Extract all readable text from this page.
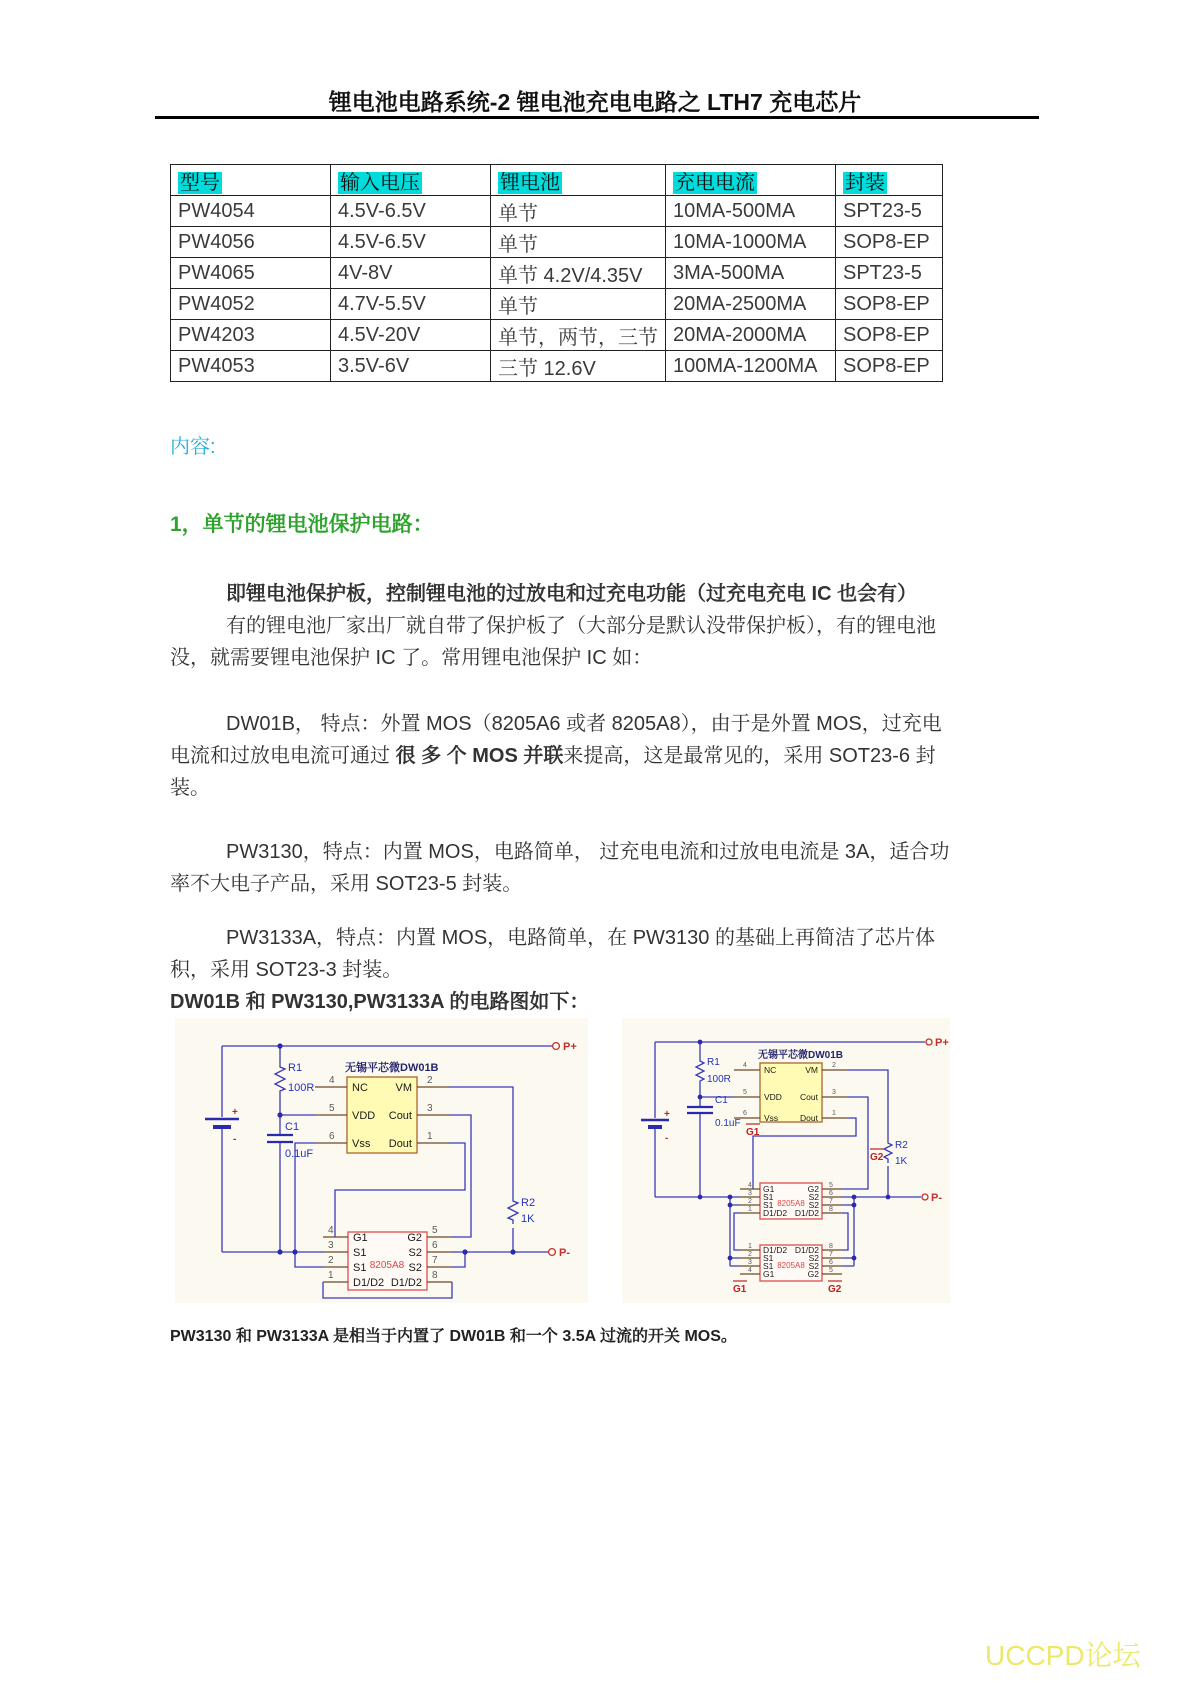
锂电池电路系统-2 锂电池充电电路之 LTH7 充电芯片
型号	输入电压	锂电池	充电电流	封装
PW4054	4.5V-6.5V	单节	10MA-500MA	SPT23-5
PW4056	4.5V-6.5V	单节	10MA-1000MA	SOP8-EP
PW4065	4V-8V	单节 4.2V/4.35V	3MA-500MA	SPT23-5
PW4052	4.7V-5.5V	单节	20MA-2500MA	SOP8-EP
PW4203	4.5V-20V	单节，两节，三节	20MA-2000MA	SOP8-EP
PW4053	3.5V-6V	三节 12.6V	100MA-1200MA	SOP8-EP
内容:
1，单节的锂电池保护电路：
即锂电池保护板，控制锂电池的过放电和过充电功能（过充电充电 IC 也会有）
有的锂电池厂家出厂就自带了保护板了（大部分是默认没带保护板），有的锂电池没，就需要锂电池保护 IC 了。常用锂电池保护 IC 如：
DW01B， 特点：外置 MOS（8205A6 或者 8205A8），由于是外置 MOS，过充电电流和过放电电流可通过 很 多 个 MOS 并联来提高，这是最常见的，采用 SOT23-6 封装。
PW3130，特点：内置 MOS，电路简单， 过充电电流和过放电电流是 3A，适合功率不大电子产品，采用 SOT23-5 封装。
PW3133A，特点：内置 MOS，电路简单，在 PW3130 的基础上再简洁了芯片体积，采用 SOT23-3 封装。
DW01B 和 PW3130,PW3133A 的电路图如下：
+
-
P+
P-
R1
100R
C1
0.1uF
R2
1K
无锡平芯微DW01B
4
5
6
2
3
1
NC
VDD
Vss
VM
Cout
Dout
8205A8
4
3
2
1
5
6
7
8
G1
S1
S1
D1/D2
G2
S2
S2
D1/D2
+
-
P+
P-
R1
100R
C1
0.1uF
R2
1K
G1
G2
无锡平芯微DW01B
4
5
6
2
3
1
NC
VDD
Vss
VM
Cout
Dout
8205A8
4
3
2
1
5
6
7
8
G1
S1
S1
D1/D2
G2
S2
S2
D1/D2
8205A8
1
2
3
4
8
7
6
5
D1/D2
S1
S1
G1
D1/D2
S2
S2
G2
G1	G2
PW3130 和 PW3133A 是相当于内置了 DW01B 和一个 3.5A 过流的开关 MOS。
UCCPD论坛
